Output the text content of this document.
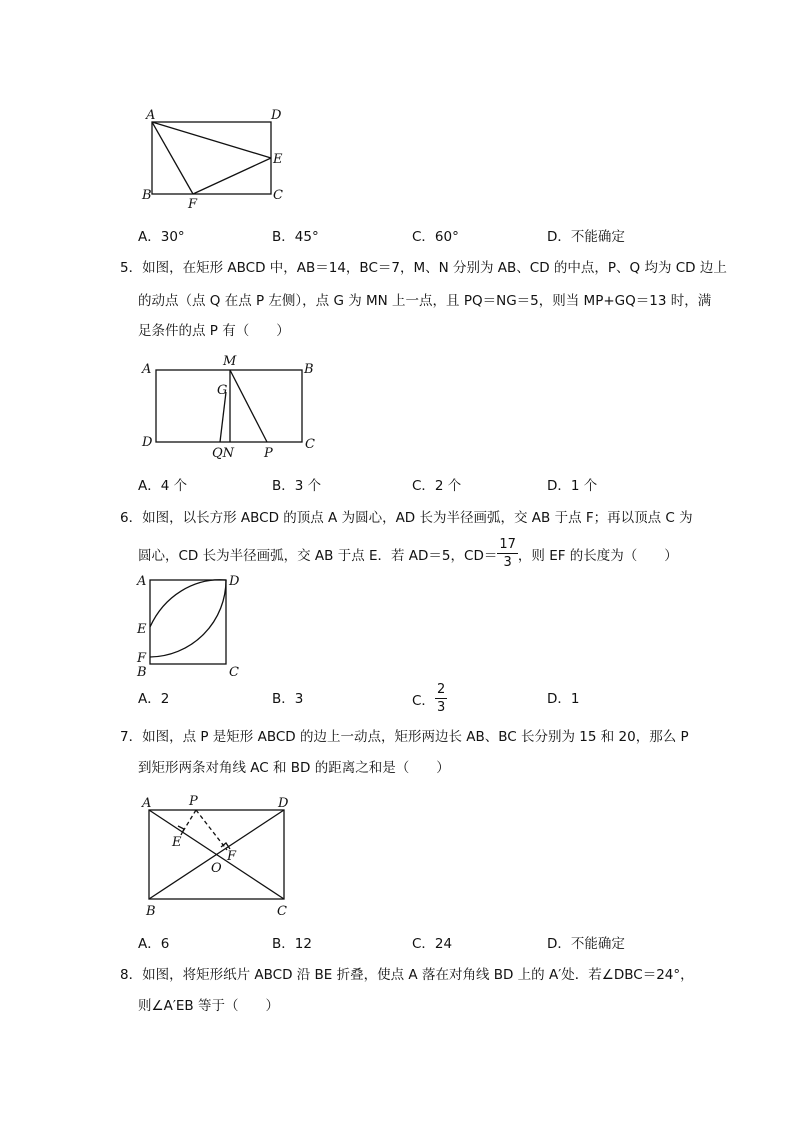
A	D
E
B
F
C
A．30°	B．45°	C．60°	D．不能确定
5．如图，在矩形 ABCD 中，AB＝14，BC＝7，M、N 分别为 AB、CD 的中点，P、Q 均为 CD 边上
的动点（点 Q 在点 P 左侧），点 G 为 MN 上一点，且 PQ＝NG＝5，则当 MP+GQ＝13 时，满
足条件的点 P 有（　　）
A
M
B
G
D	C
QN P
A．4 个	B．3 个	C．2 个	D．1 个
6．如图，以长方形 ABCD 的顶点 A 为圆心，AD 长为半径画弧，交 AB 于点 F；再以顶点 C 为
圆心，CD 长为半径画弧，交 AB 于点 E．若 AD＝5，$CD= \frac{17}{3}$ ，则 EF 的长度为（　　）
A	D
E
F
B	C
A．2	B．3	C． $\frac{2}{3}$	D．1
7．如图，点 P 是矩形 ABCD 的边上一动点，矩形两边长 AB、BC 长分别为 15 和 20，那么 P
到矩形两条对角线 AC 和 BD 的距离之和是（　　）
A	P	D
E
F
O
B	C
A．6	B．12	C．24	D．不能确定
8．如图，将矩形纸片 ABCD 沿 BE 折叠，使点 A 落在对角线 BD 上的 A′处．若∠DBC＝24°，
则∠A′EB 等于（　　）
